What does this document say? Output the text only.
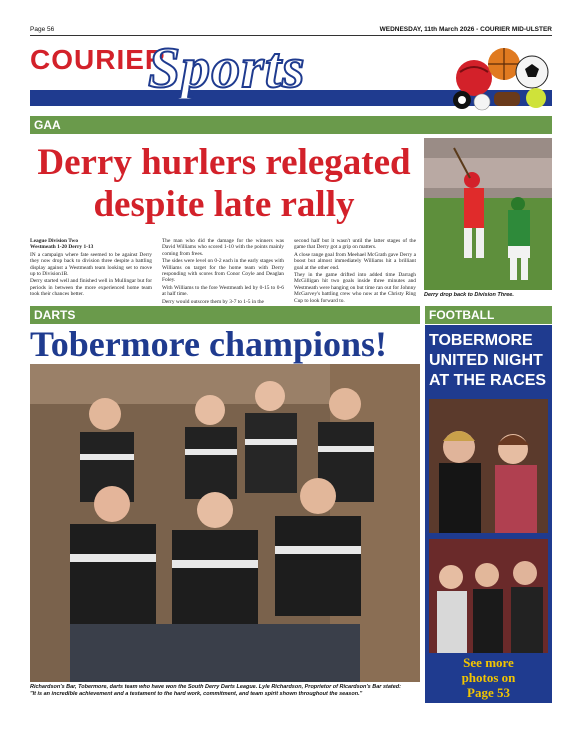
Page 56	WEDNESDAY, 11th March 2026 - COURIER MID-ULSTER
COURIER
Sports
GAA
Derry hurlers relegated
despite late rally

League Division Two

Westmeath 1-20 Derry 1-13

IN a campaign where fate seemed to be against Derry they now drop back to division three despite a battling display against a Westmeath team looking set to move up to Division1B.

Derry started well and finished well in Mullingar but for periods in between the more experienced home team took their chances better.

The man who did the damage for the winners was David Williams who scored 1-10 with the points mainly coming from frees.

The sides were level on 0-2 each in the early stages with Williams on target for the home team with Derry responding with scores from Conor Coyle and Deaglan Foley.

With Williams to the fore Westmeath led by 0-15 to 0-6 at half time.

Derry would outscore them by 3-7 to 1-5 in the

second half but it wasn't until the latter stages of the game that Derry got a grip on matters.

A close range goal from Meehael McGrath gave Derry a boost but almost immediately Williams hit a brilliant goal at the other end.

They in the game drifted into added time Darragh McGilligan hit two goals inside three minutes and Westmeath were hanging on but time ran out for Johnny McGarvey's battling crew who now at the Christy Ring Cup to look forward to.

Derry drop back to Division Three.
DARTS	FOOTBALL
Tobermore champions!
Richardson's Bar, Tobermore, darts team who have won the South Derry Darts League. Lyle Richardson, Proprietor of Ricardson's Bar stated:
"It is an incredible achievement and a testament to the hard work, commitment, and team spirit shown throughout the season."
TOBERMORE UNITED NIGHT AT THE RACES
See more
photos on
Page 53
